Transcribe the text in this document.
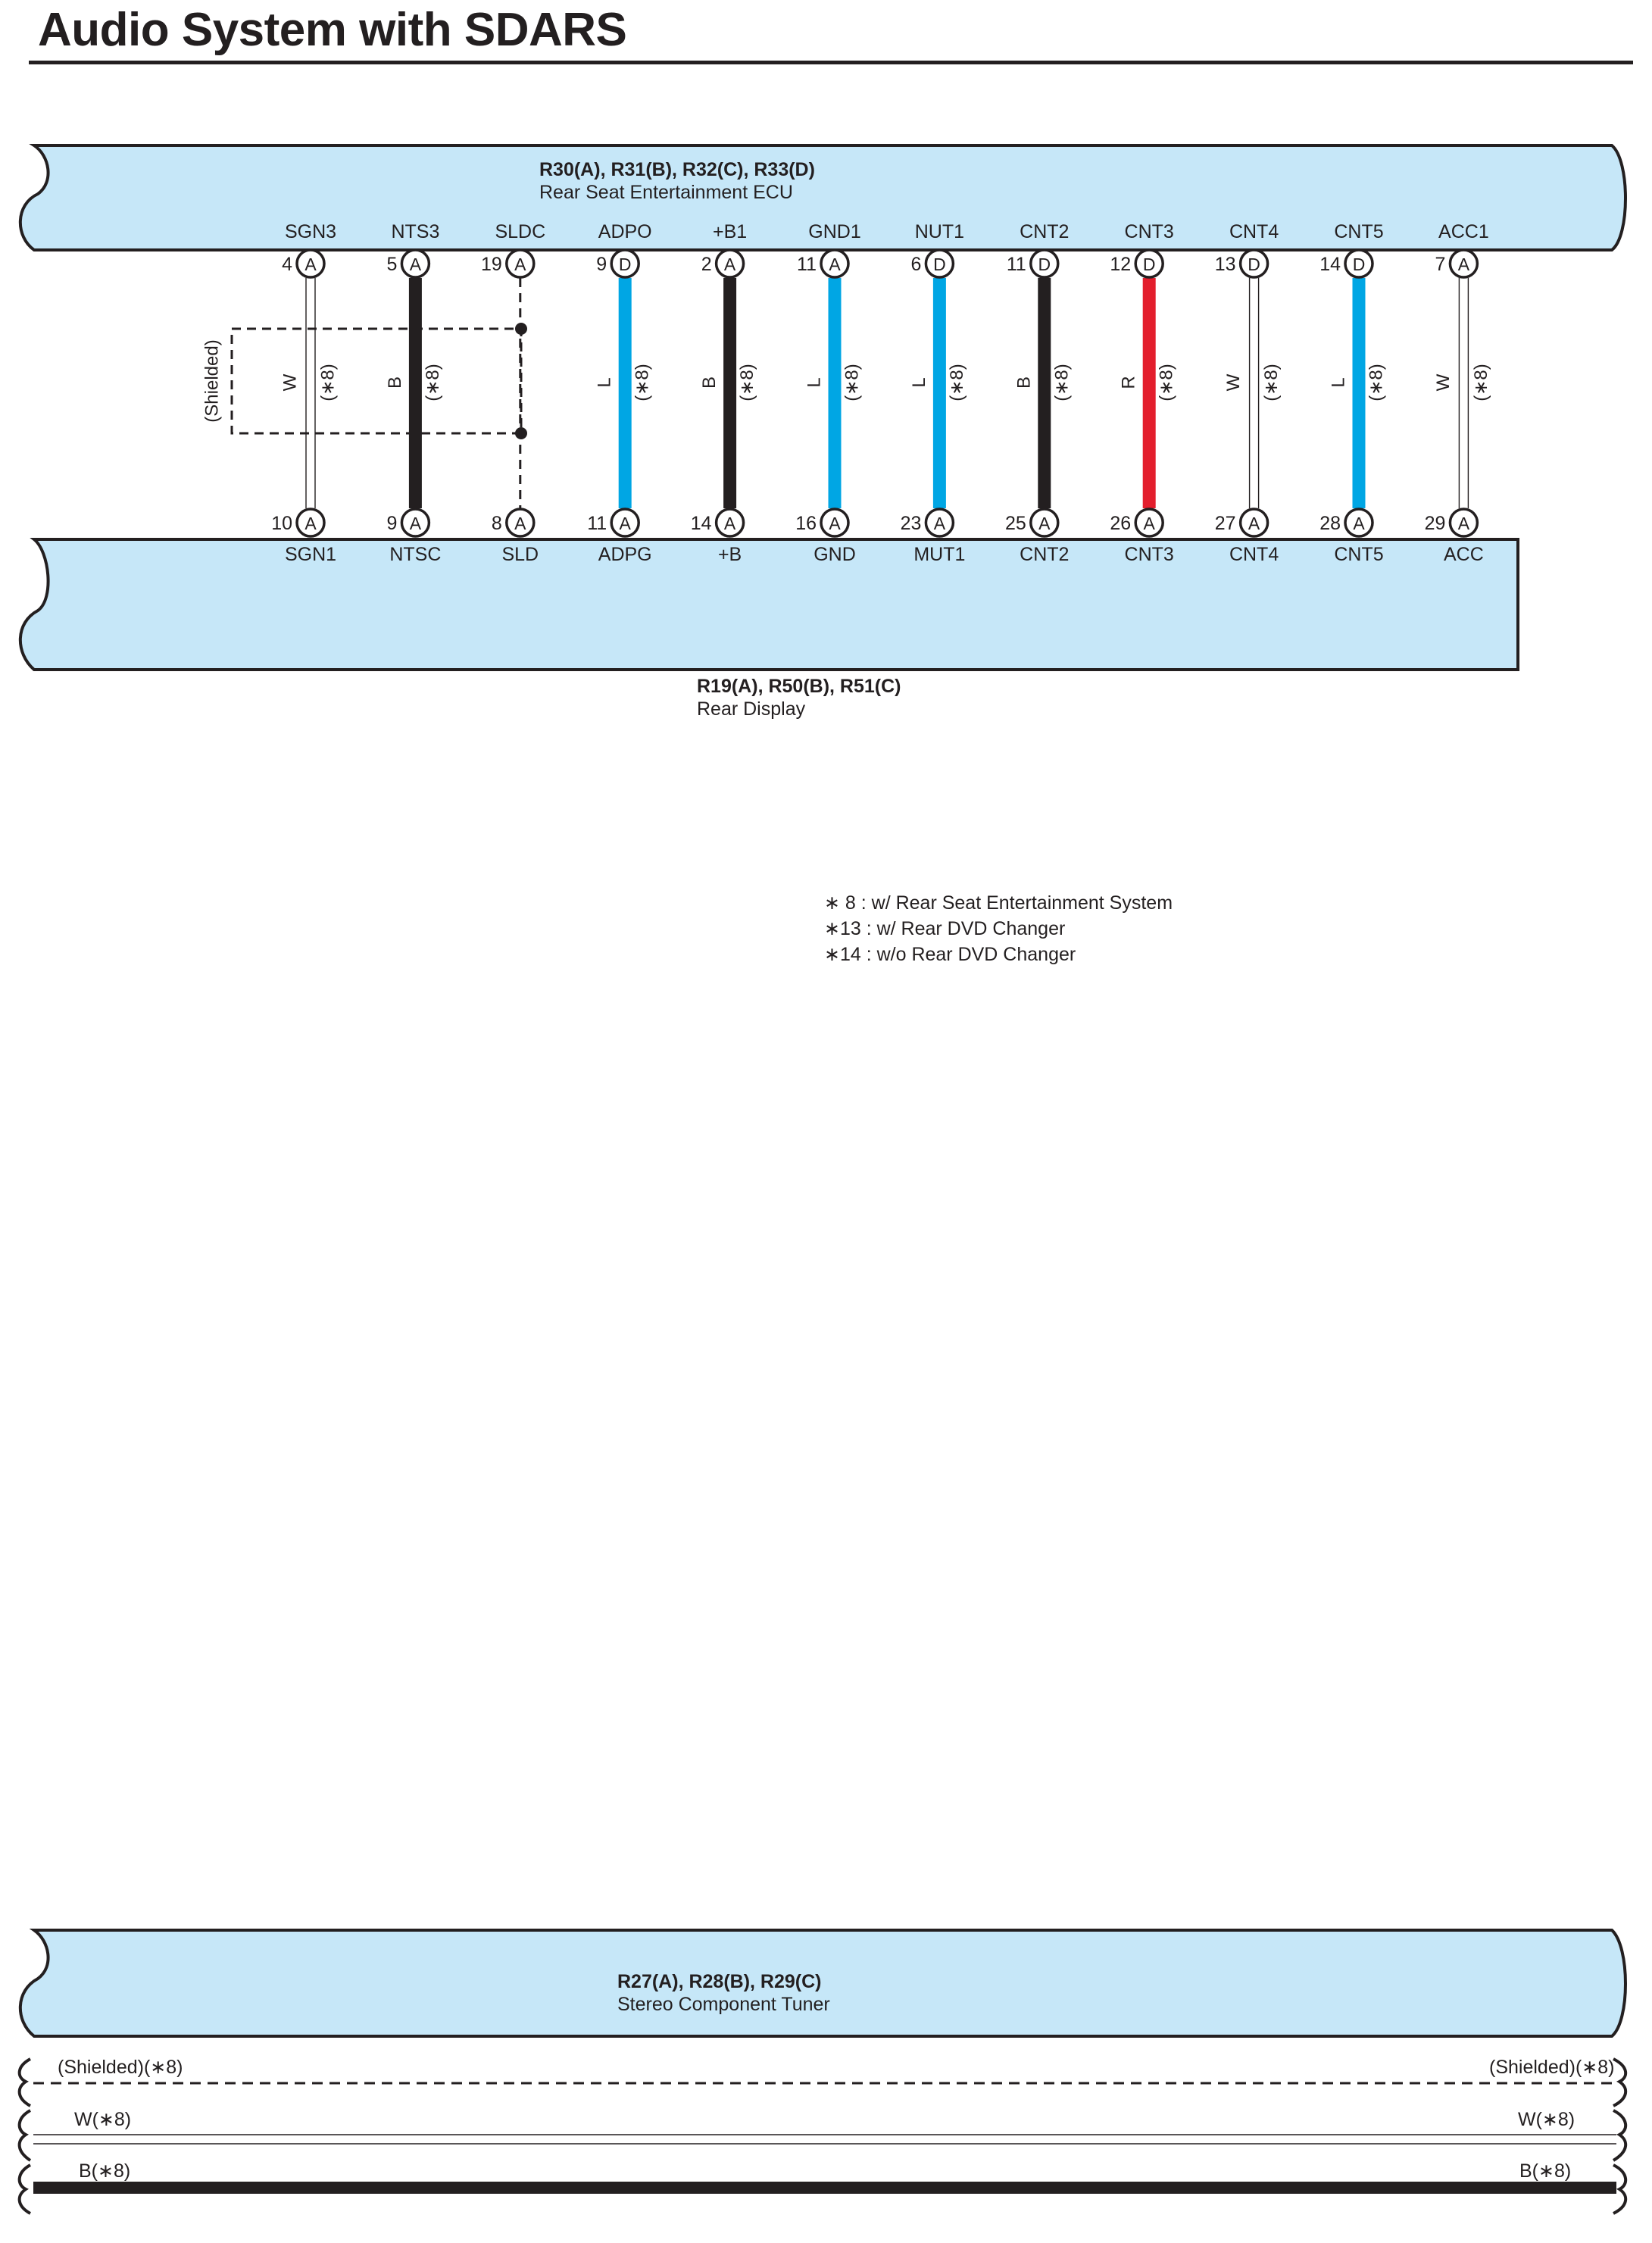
Audio System with SDARS
R30(A), R31(B), R32(C), R33(D)
Rear Seat Entertainment ECU
R19(A), R50(B), R51(C)
Rear Display
R27(A), R28(B), R29(C)
Stereo Component Tuner
(Shielded)	W (∗8)
SGN3
4 A
10 A
SGN1
B (∗8)
NTS3
5 A
9 A
NTSC
SLDC
19 A
8 A
SLD
L (∗8)
ADPO
9 D
11 A
ADPG
B (∗8)
+B1
2 A
14 A
+B
L (∗8)
GND1
11 A
16 A
GND
L (∗8)
NUT1
6 D
23 A
MUT1
B (∗8)
CNT2
11 D
25 A
CNT2
R (∗8)
CNT3
12 D
26 A
CNT3
W (∗8)
CNT4
13 D
27 A
CNT4
L (∗8)
CNT5
14 D
28 A
CNT5
W (∗8)
ACC1
7 A
29 A
ACC
∗ 8 : w/ Rear Seat Entertainment System
∗13 : w/ Rear DVD Changer
∗14 : w/o Rear DVD Changer
(Shielded)(∗8)	(Shielded)(∗8)
W(∗8)	W(∗8)
B(∗8)	B(∗8)
